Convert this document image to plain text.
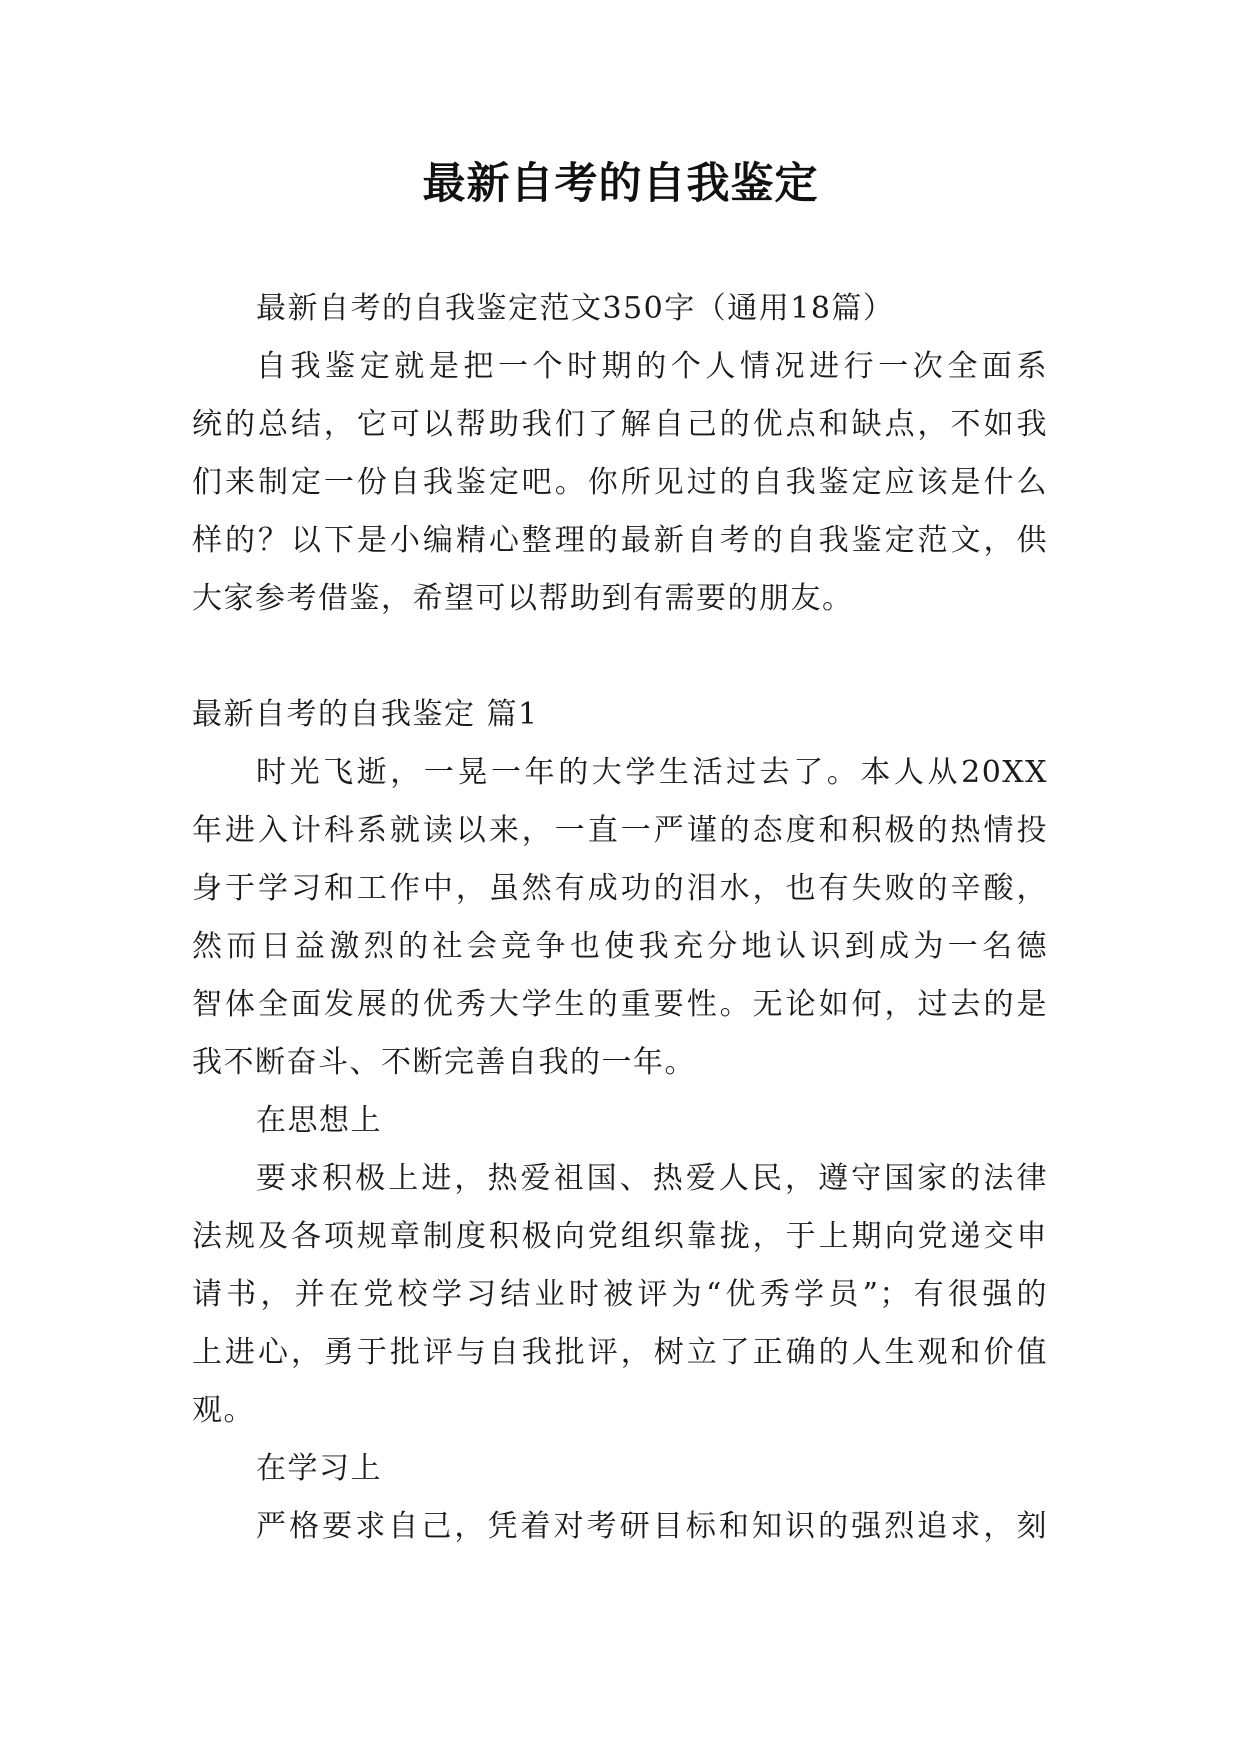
最新自考的自我鉴定
最新自考的自我鉴定范文350字（通用18篇）
自我鉴定就是把一个时期的个人情况进行一次全面系
统的总结，它可以帮助我们了解自己的优点和缺点，不如我
们来制定一份自我鉴定吧。你所见过的自我鉴定应该是什么
样的？以下是小编精心整理的最新自考的自我鉴定范文，供
大家参考借鉴，希望可以帮助到有需要的朋友。
最新自考的自我鉴定 篇1
时光飞逝，一晃一年的大学生活过去了。本人从20XX
年进入计科系就读以来，一直一严谨的态度和积极的热情投
身于学习和工作中，虽然有成功的泪水，也有失败的辛酸，
然而日益激烈的社会竞争也使我充分地认识到成为一名德
智体全面发展的优秀大学生的重要性。无论如何，过去的是
我不断奋斗、不断完善自我的一年。
在思想上
要求积极上进，热爱祖国、热爱人民，遵守国家的法律
法规及各项规章制度积极向党组织靠拢，于上期向党递交申
请书，并在党校学习结业时被评为“优秀学员”；有很强的
上进心，勇于批评与自我批评，树立了正确的人生观和价值
观。
在学习上
严格要求自己，凭着对考研目标和知识的强烈追求，刻
